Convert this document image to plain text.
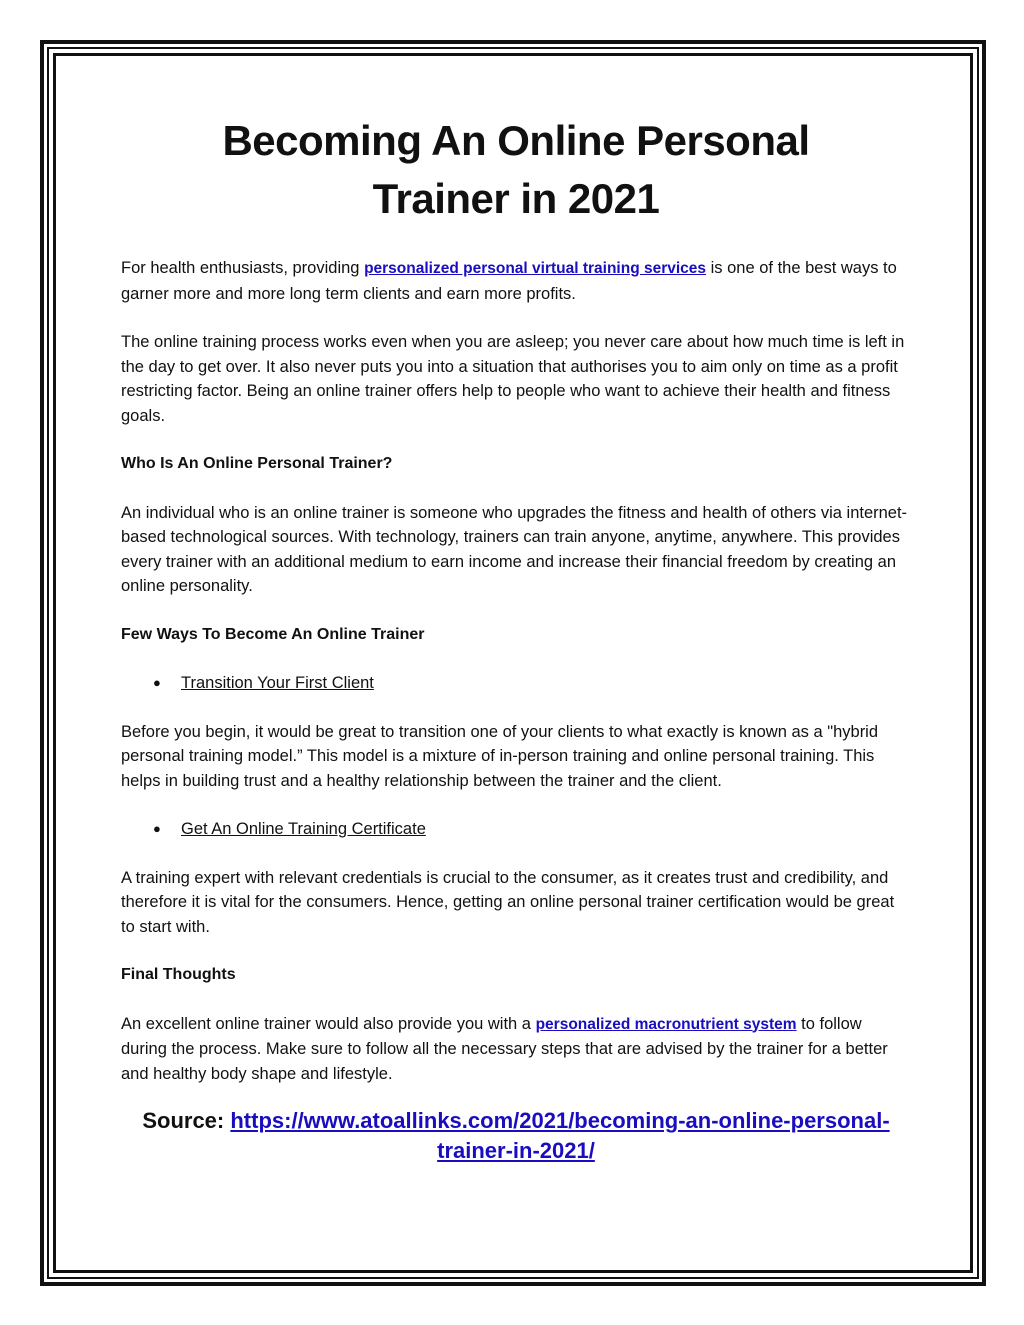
Becoming An Online Personal Trainer in 2021

For health enthusiasts, providing personalized personal virtual training services is one of the best ways to garner more and more long term clients and earn more profits.

The online training process works even when you are asleep; you never care about how much time is left in the day to get over. It also never puts you into a situation that authorises you to aim only on time as a profit restricting factor. Being an online trainer offers help to people who want to achieve their health and fitness goals.

Who Is An Online Personal Trainer?

An individual who is an online trainer is someone who upgrades the fitness and health of others via internet-based technological sources. With technology, trainers can train anyone, anytime, anywhere. This provides every trainer with an additional medium to earn income and increase their financial freedom by creating an online personality.

Few Ways To Become An Online Trainer

●	Transition Your First Client

Before you begin, it would be great to transition one of your clients to what exactly is known as a "hybrid personal training model.” This model is a mixture of in-person training and online personal training. This helps in building trust and a healthy relationship between the trainer and the client.

●	Get An Online Training Certificate

A training expert with relevant credentials is crucial to the consumer, as it creates trust and credibility, and therefore it is vital for the consumers. Hence, getting an online personal trainer certification would be great to start with.

Final Thoughts

An excellent online trainer would also provide you with a personalized macronutrient system to follow during the process. Make sure to follow all the necessary steps that are advised by the trainer for a better and healthy body shape and lifestyle.

Source: https://www.atoallinks.com/2021/becoming-an-online-personal-trainer-in-2021/
